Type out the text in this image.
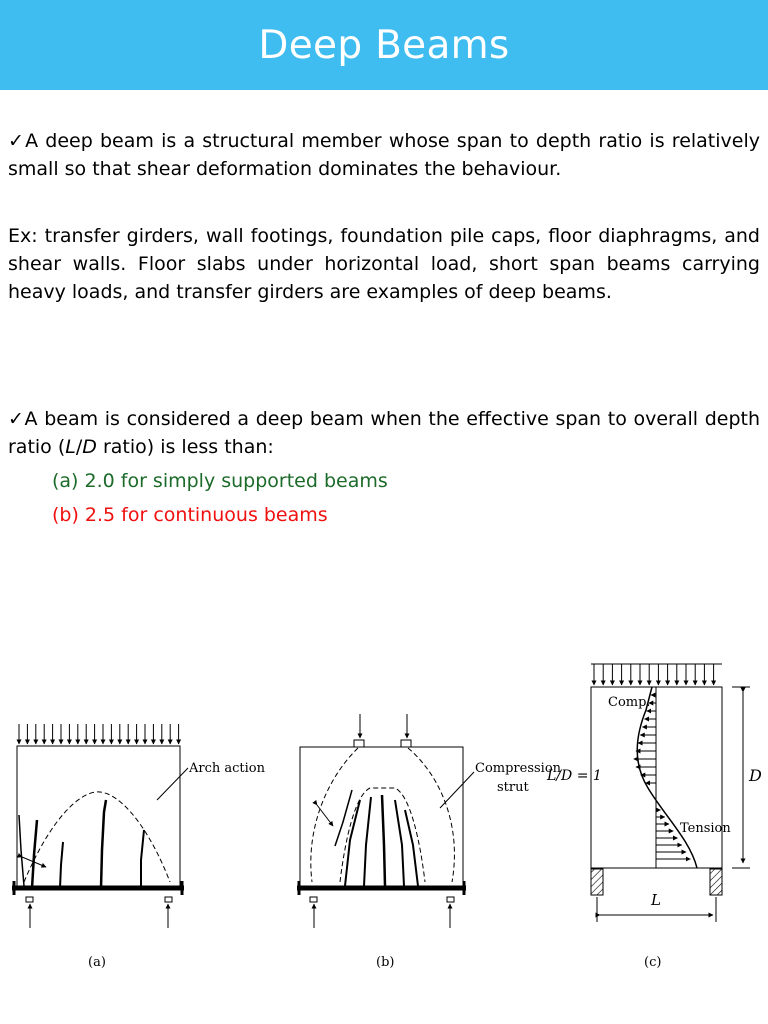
Deep Beams
✓A deep beam is a structural member whose span to depth ratio is relatively small so that shear deformation dominates the behaviour.
Ex: transfer girders, wall footings, foundation pile caps, floor diaphragms, and shear walls. Floor slabs under horizontal load, short span beams carrying heavy loads, and transfer girders are examples of deep beams.
✓A beam is considered a deep beam when the effective span to overall depth ratio (L/D ratio) is less than:
(a) 2.0 for simply supported beams
(b) 2.5 for continuous beams
Arch action
(a)
Compression
strut
(b)
L/D = 1
Comp.
Tension
D
L
(c)
